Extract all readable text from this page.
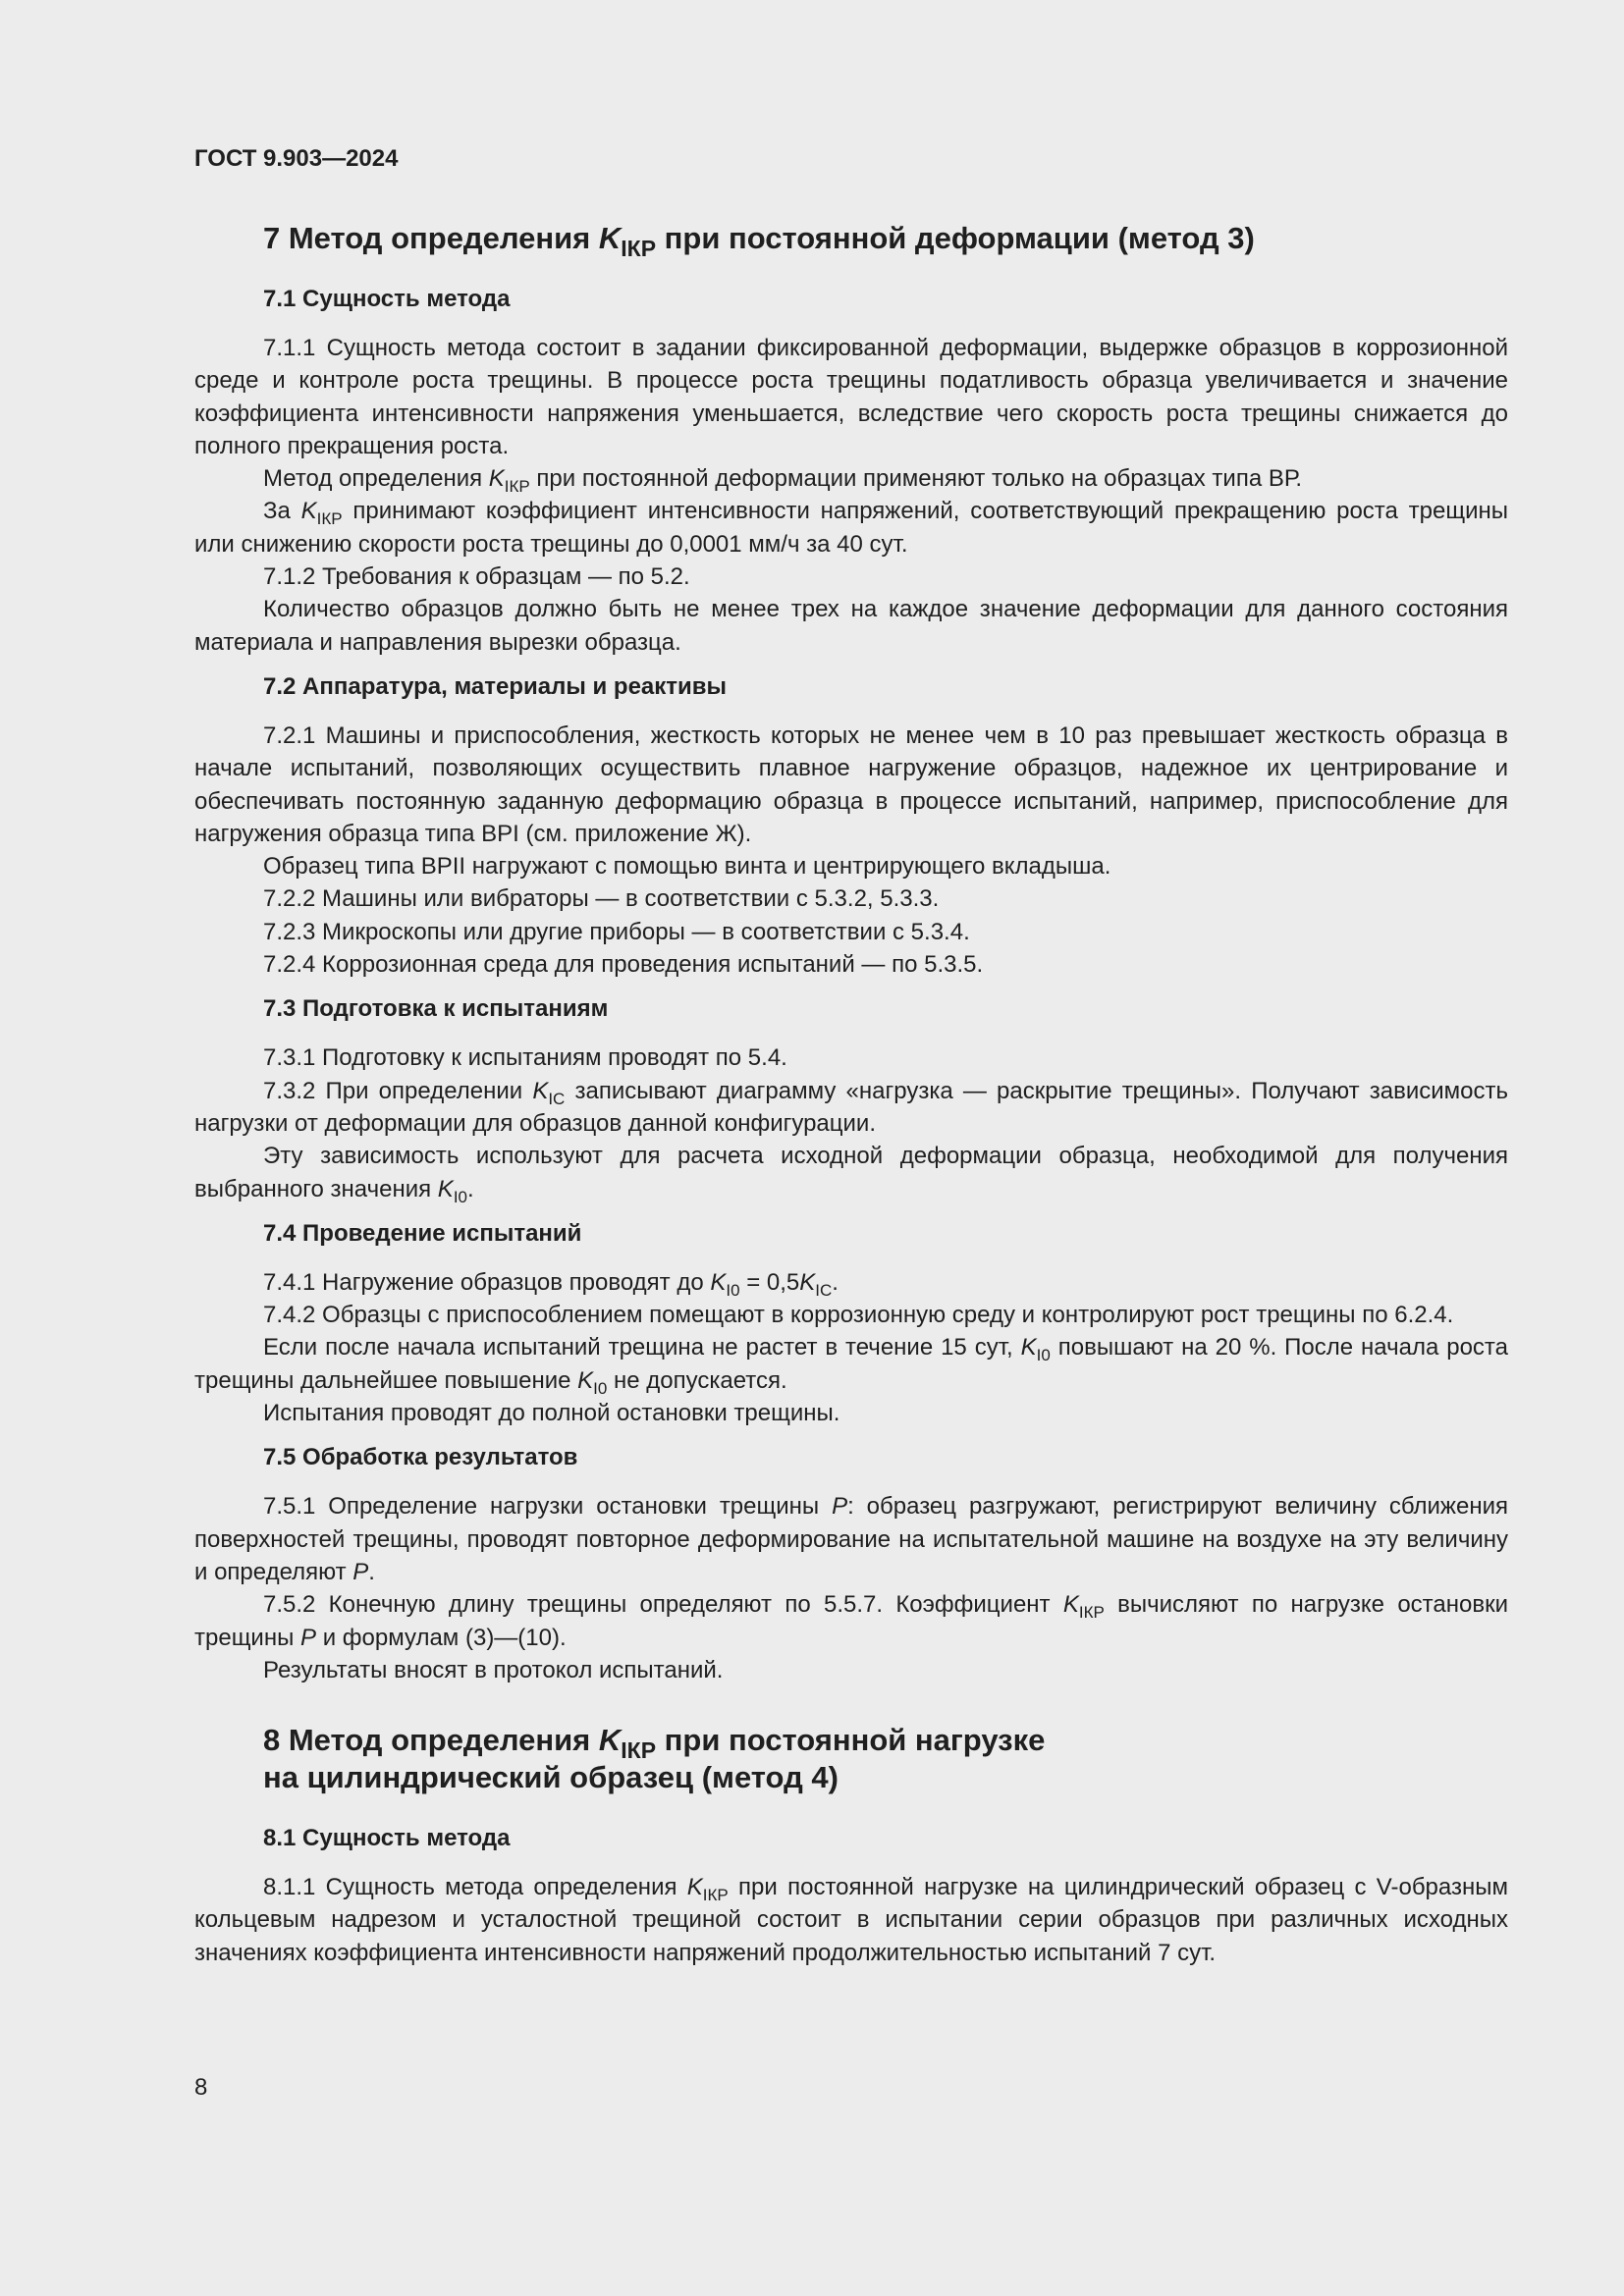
ГОСТ 9.903—2024
7 Метод определения $K_{IКР}$ при постоянной деформации (метод 3)
7.1 Сущность метода

7.1.1 Сущность метода состоит в задании фиксированной деформации, выдержке образцов в коррозионной среде и контроле роста трещины. В процессе роста трещины податливость образца увеличивается и значение коэффициента интенсивности напряжения уменьшается, вследствие чего скорость роста трещины снижается до полного прекращения роста.

Метод определения $K_{IКР}$ при постоянной деформации применяют только на образцах типа ВР.

За $K_{IКР}$ принимают коэффициент интенсивности напряжений, соответствующий прекращению роста трещины или снижению скорости роста трещины до 0,0001 мм/ч за 40 сут.

7.1.2 Требования к образцам — по 5.2.

Количество образцов должно быть не менее трех на каждое значение деформации для данного состояния материала и направления вырезки образца.

7.2 Аппаратура, материалы и реактивы

7.2.1 Машины и приспособления, жесткость которых не менее чем в 10 раз превышает жесткость образца в начале испытаний, позволяющих осуществить плавное нагружение образцов, надежное их центрирование и обеспечивать постоянную заданную деформацию образца в процессе испытаний, например, приспособление для нагружения образца типа BPI (см. приложение Ж).

Образец типа BPII нагружают с помощью винта и центрирующего вкладыша.

7.2.2 Машины или вибраторы — в соответствии с 5.3.2, 5.3.3.

7.2.3 Микроскопы или другие приборы — в соответствии с 5.3.4.

7.2.4 Коррозионная среда для проведения испытаний — по 5.3.5.

7.3 Подготовка к испытаниям

7.3.1 Подготовку к испытаниям проводят по 5.4.

7.3.2 При определении $K_{IC}$ записывают диаграмму «нагрузка — раскрытие трещины». Получают зависимость нагрузки от деформации для образцов данной конфигурации.

Эту зависимость используют для расчета исходной деформации образца, необходимой для получения выбранного значения $K_{I0}$.

7.4 Проведение испытаний

7.4.1 Нагружение образцов проводят до $K_{I0} = 0,5K_{IC}$.

7.4.2 Образцы с приспособлением помещают в коррозионную среду и контролируют рост трещины по 6.2.4.

Если после начала испытаний трещина не растет в течение 15 сут, $K_{I0}$ повышают на 20 %. После начала роста трещины дальнейшее повышение $K_{I0}$ не допускается.

Испытания проводят до полной остановки трещины.

7.5 Обработка результатов

7.5.1 Определение нагрузки остановки трещины P: образец разгружают, регистрируют величину сближения поверхностей трещины, проводят повторное деформирование на испытательной машине на воздухе на эту величину и определяют P.

7.5.2 Конечную длину трещины определяют по 5.5.7. Коэффициент $K_{IКР}$ вычисляют по нагрузке остановки трещины P и формулам (3)—(10).

Результаты вносят в протокол испытаний.

8 Метод определения $K_{IКР}$ при постоянной нагрузке
на цилиндрический образец (метод 4)
8.1 Сущность метода

8.1.1 Сущность метода определения $K_{IКР}$ при постоянной нагрузке на цилиндрический образец с V-образным кольцевым надрезом и усталостной трещиной состоит в испытании серии образцов при различных исходных значениях коэффициента интенсивности напряжений продолжительностью испытаний 7 сут.

8
